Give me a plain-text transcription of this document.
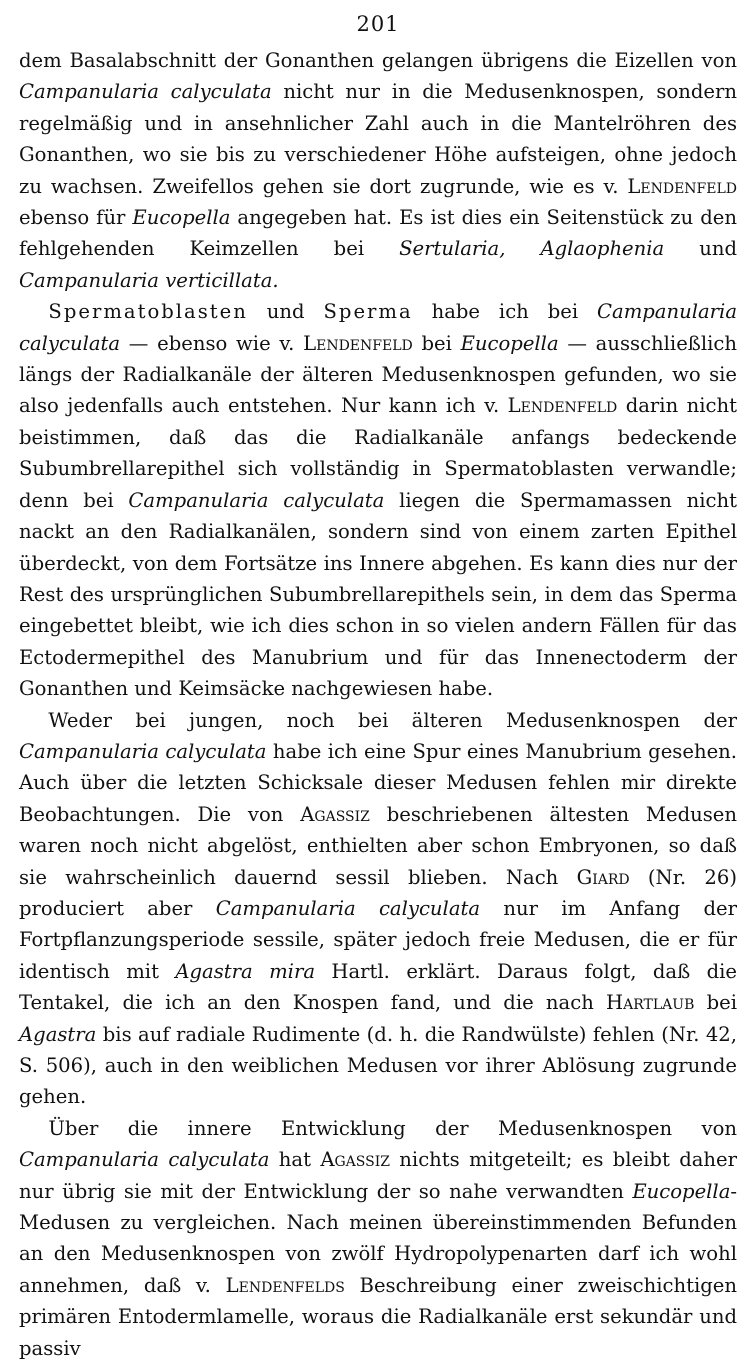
201

dem Basalabschnitt der Gonanthen gelangen übrigens die Eizellen von Campanularia calyculata nicht nur in die Medusenknospen, sondern regelmäßig und in ansehnlicher Zahl auch in die Mantelröhren des Gonanthen, wo sie bis zu verschiedener Höhe aufsteigen, ohne jedoch zu wachsen. Zweifellos gehen sie dort zugrunde, wie es v. Lendenfeld ebenso für Eucopella angegeben hat. Es ist dies ein Seitenstück zu den fehlgehenden Keimzellen bei Sertularia, Aglaophenia und Campanularia verticillata.

Spermatoblasten und Sperma habe ich bei Campanularia calyculata — ebenso wie v. Lendenfeld bei Eucopella — ausschließlich längs der Radialkanäle der älteren Medusenknospen gefunden, wo sie also jedenfalls auch entstehen. Nur kann ich v. Lendenfeld darin nicht beistimmen, daß das die Radialkanäle anfangs bedeckende Subumbrellarepithel sich vollständig in Spermatoblasten verwandle; denn bei Campanularia calyculata liegen die Spermamassen nicht nackt an den Radialkanälen, sondern sind von einem zarten Epithel überdeckt, von dem Fortsätze ins Innere abgehen. Es kann dies nur der Rest des ursprünglichen Subumbrellarepithels sein, in dem das Sperma eingebettet bleibt, wie ich dies schon in so vielen andern Fällen für das Ectodermepithel des Manubrium und für das Innenectoderm der Gonanthen und Keimsäcke nachgewiesen habe.

Weder bei jungen, noch bei älteren Medusenknospen der Campanularia calyculata habe ich eine Spur eines Manubrium gesehen. Auch über die letzten Schicksale dieser Medusen fehlen mir direkte Beobachtungen. Die von Agassiz beschriebenen ältesten Medusen waren noch nicht abgelöst, enthielten aber schon Embryonen, so daß sie wahrscheinlich dauernd sessil blieben. Nach Giard (Nr. 26) produciert aber Campanularia calyculata nur im Anfang der Fortpflanzungsperiode sessile, später jedoch freie Medusen, die er für identisch mit Agastra mira Hartl. erklärt. Daraus folgt, daß die Tentakel, die ich an den Knospen fand, und die nach Hartlaub bei Agastra bis auf radiale Rudimente (d. h. die Randwülste) fehlen (Nr. 42, S. 506), auch in den weiblichen Medusen vor ihrer Ablösung zugrunde gehen.

Über die innere Entwicklung der Medusenknospen von Campanularia calyculata hat Agassiz nichts mitgeteilt; es bleibt daher nur übrig sie mit der Entwicklung der so nahe verwandten Eucopella-Medusen zu vergleichen. Nach meinen übereinstimmenden Befunden an den Medusenknospen von zwölf Hydropolypenarten darf ich wohl annehmen, daß v. Lendenfelds Beschreibung einer zweischichtigen primären Entodermlamelle, woraus die Radialkanäle erst sekundär und passiv
